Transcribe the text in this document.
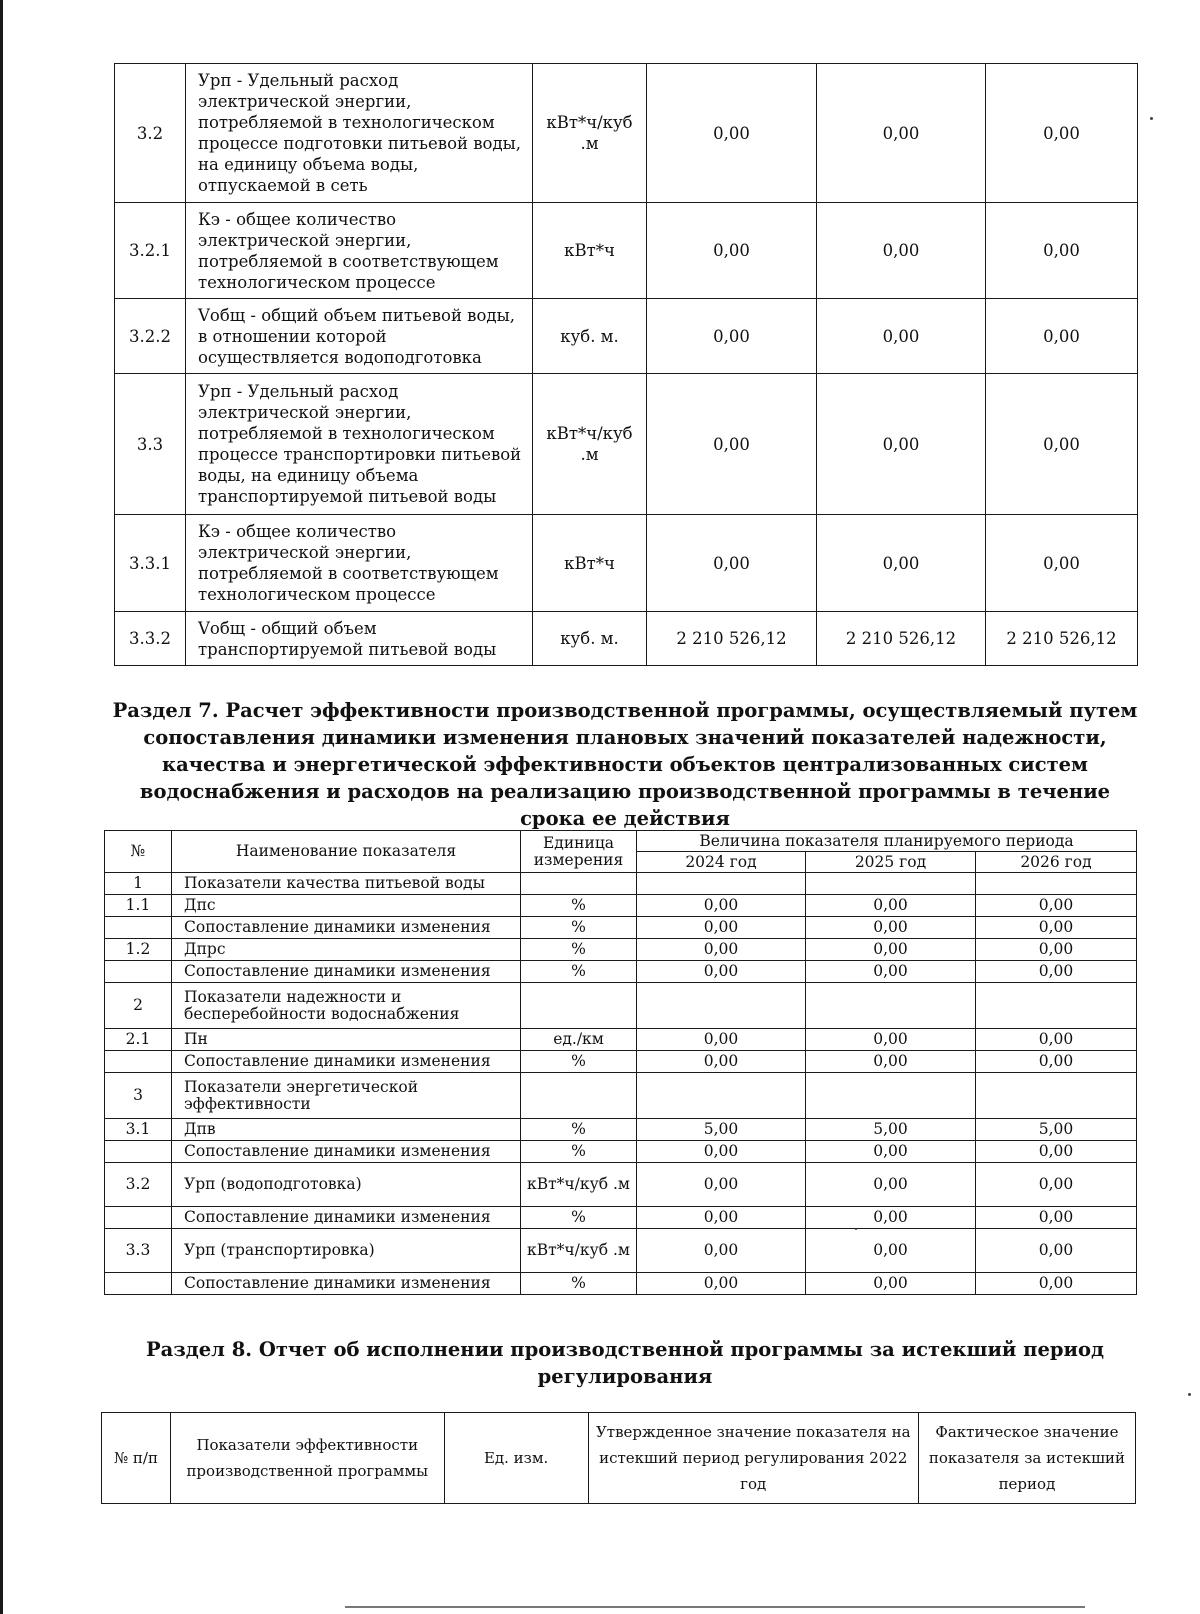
3.2	Урп - Удельный расход электрической энергии, потребляемой в технологическом процессе подготовки питьевой воды, на единицу объема воды, отпускаемой в сеть	кВт*ч/куб .м	0,00	0,00	0,00
3.2.1	Кэ - общее количество электрической энергии, потребляемой в соответствующем технологическом процессе	кВт*ч	0,00	0,00	0,00
3.2.2	Vобщ - общий объем питьевой воды, в отношении которой осуществляется водоподготовка	куб. м.	0,00	0,00	0,00
3.3	Урп - Удельный расход электрической энергии, потребляемой в технологическом процессе транспортировки питьевой воды, на единицу объема транспортируемой питьевой воды	кВт*ч/куб .м	0,00	0,00	0,00
3.3.1	Кэ - общее количество электрической энергии, потребляемой в соответствующем технологическом процессе	кВт*ч	0,00	0,00	0,00
3.3.2	Vобщ - общий объем транспортируемой питьевой воды	куб. м.	2 210 526,12	2 210 526,12	2 210 526,12
Раздел 7. Расчет эффективности производственной программы, осуществляемый путем сопоставления динамики изменения плановых значений показателей надежности, качества и энергетической эффективности объектов централизованных систем водоснабжения и расходов на реализацию производственной программы в течение срока ее действия
№	Наименование показателя	Единица измерения	Величина показателя планируемого периода		
			2024 год	2025 год	2026 год
1	Показатели качества питьевой воды				
1.1	Дпс	%	0,00	0,00	0,00
	Сопоставление динамики изменения	%	0,00	0,00	0,00
1.2	Дпрс	%	0,00	0,00	0,00
	Сопоставление динамики изменения	%	0,00	0,00	0,00
2	Показатели надежности и бесперебойности водоснабжения				
2.1	Пн	ед./км	0,00	0,00	0,00
	Сопоставление динамики изменения	%	0,00	0,00	0,00
3	Показатели энергетической эффективности				
3.1	Дпв	%	5,00	5,00	5,00
	Сопоставление динамики изменения	%	0,00	0,00	0,00
3.2	Урп (водоподготовка)	кВт*ч/куб .м	0,00	0,00	0,00
	Сопоставление динамики изменения	%	0,00	0,00	0,00
3.3	Урп (транспортировка)	кВт*ч/куб .м	0,00	0,00	0,00
	Сопоставление динамики изменения	%	0,00	0,00	0,00
Раздел 8. Отчет об исполнении производственной программы за истекший период регулирования
№ п/п	Показатели эффективности производственной программы	Ед. изм.	Утвержденное значение показателя на истекший период регулирования 2022 год	Фактическое значение показателя за истекший период
